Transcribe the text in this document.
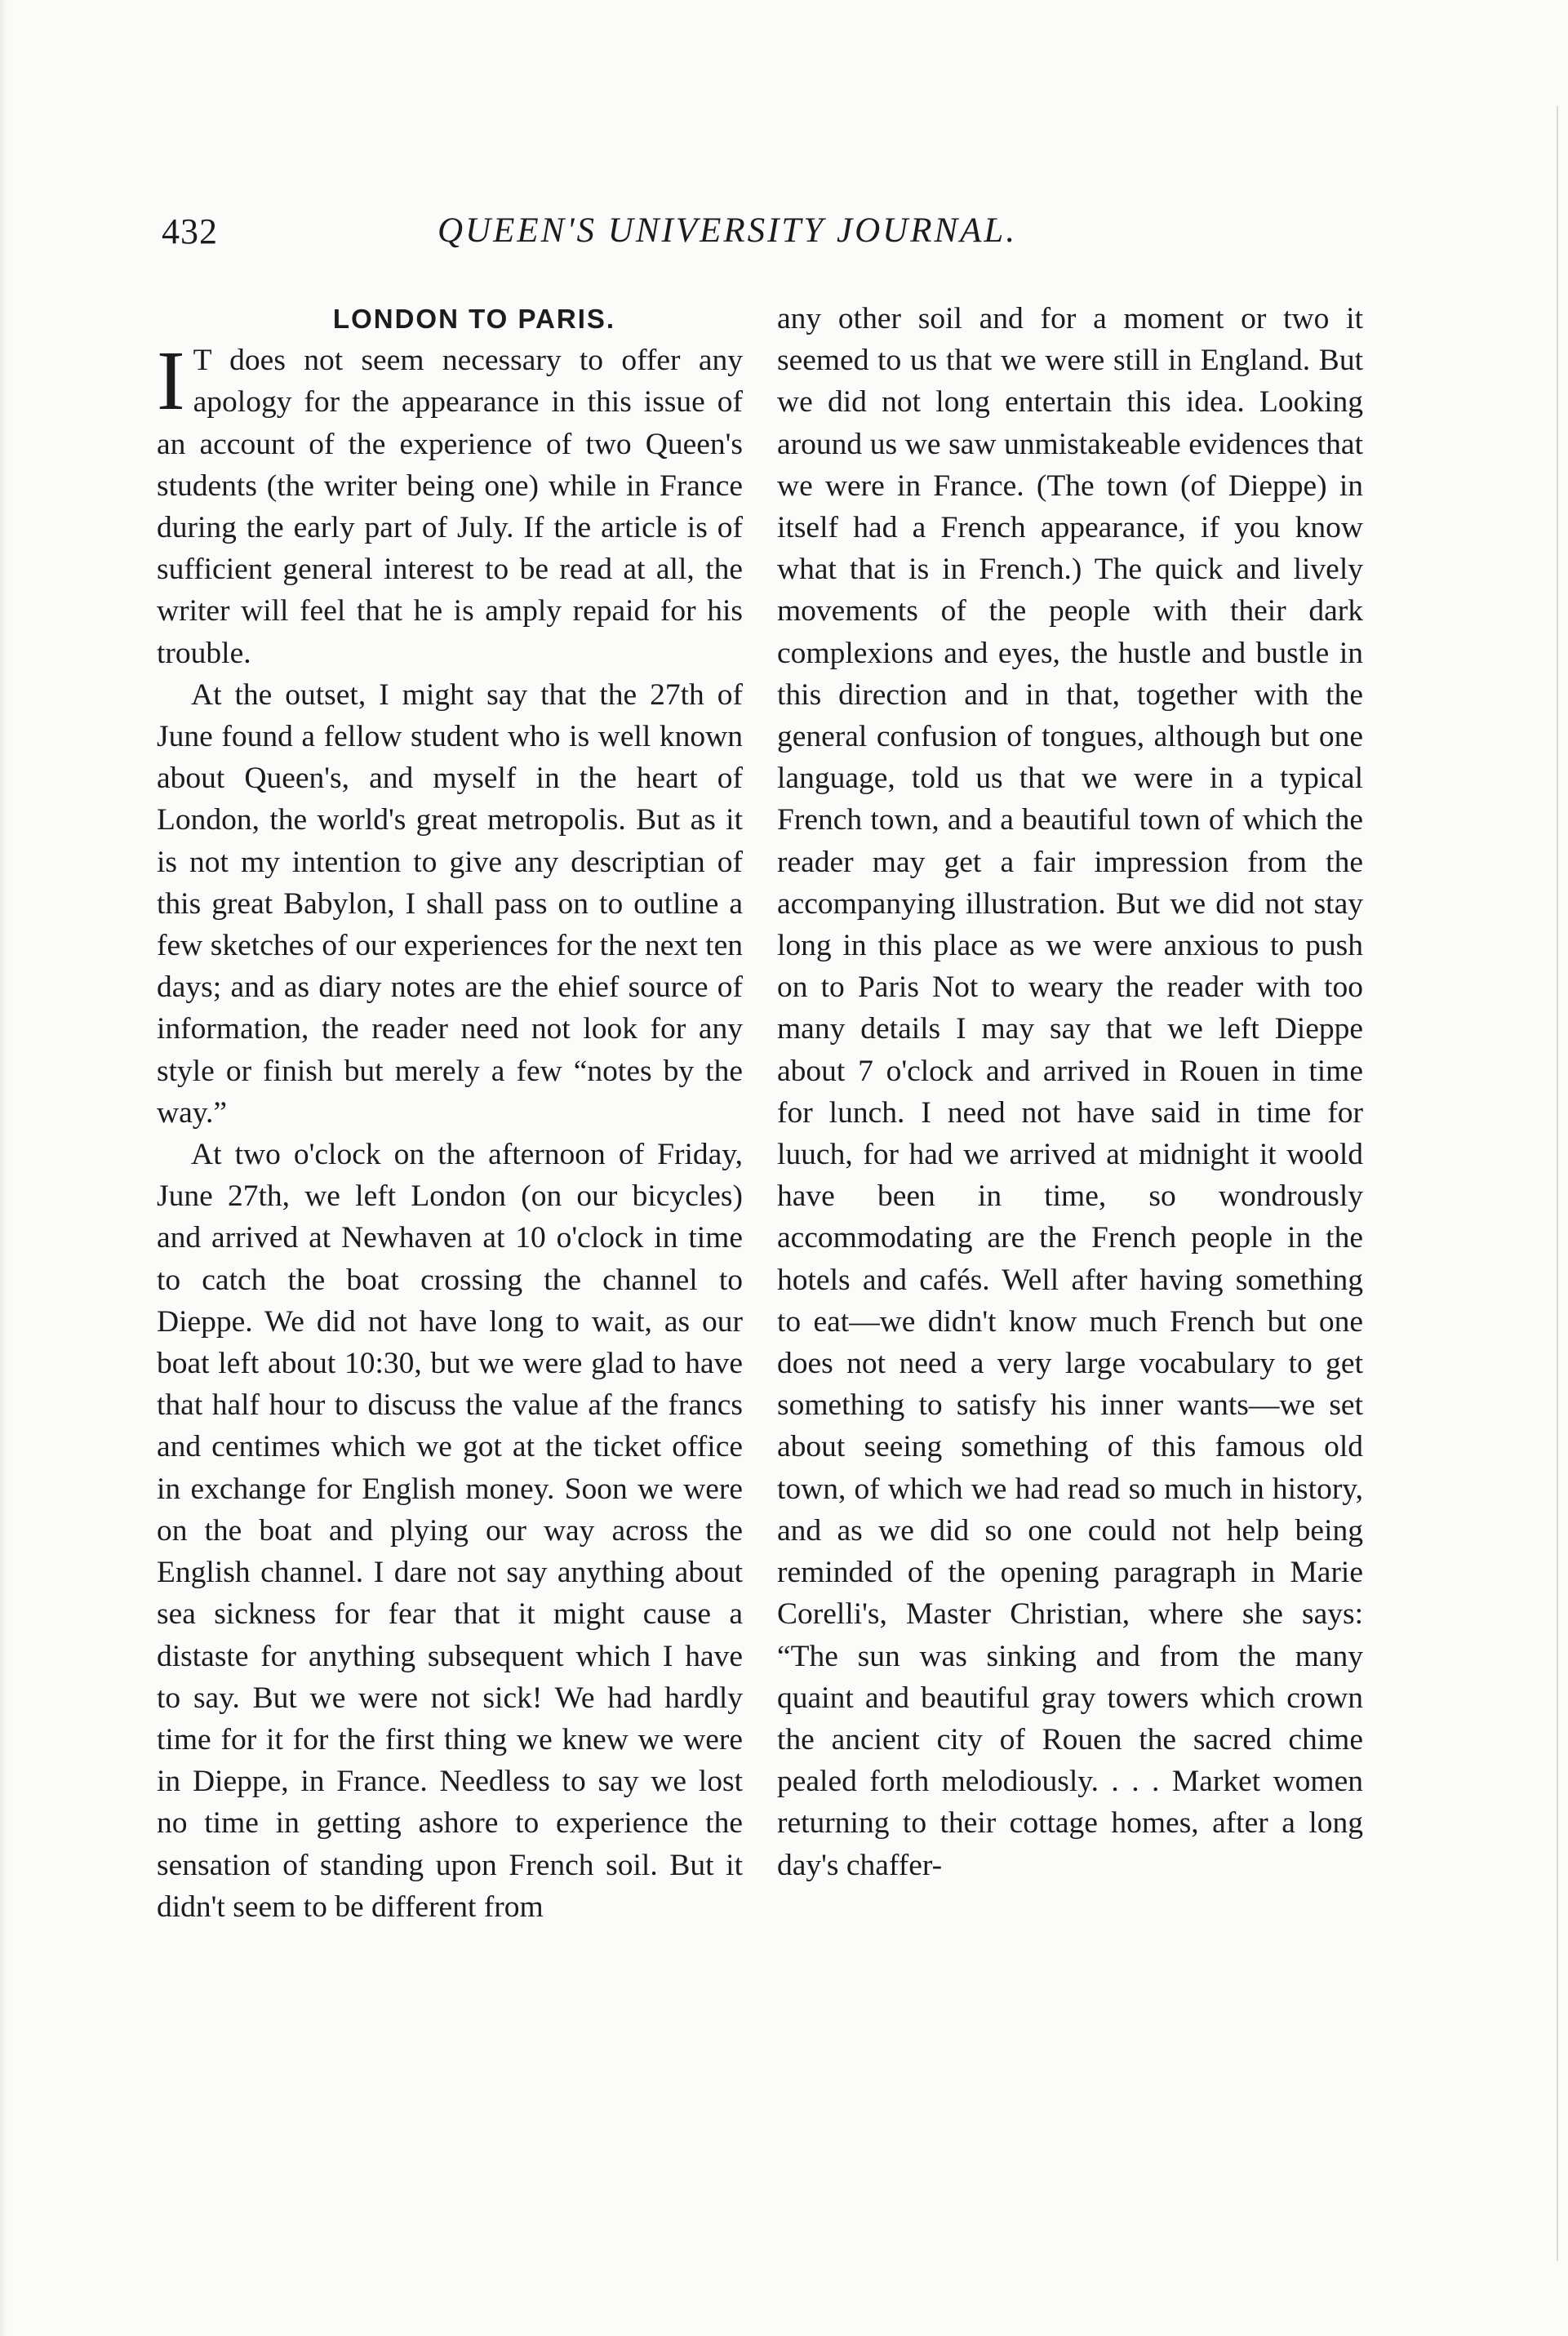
432	QUEEN'S UNIVERSITY JOURNAL.
LONDON TO PARIS.

I T does not seem necessary to offer any apology for the appearance in this issue of an account of the experience of two Queen's students (the writer being one) while in France during the early part of July. If the article is of sufficient general interest to be read at all, the writer will feel that he is amply repaid for his trouble.

At the outset, I might say that the 27th of June found a fellow student who is well known about Queen's, and myself in the heart of London, the world's great metropolis. But as it is not my intention to give any descriptian of this great Babylon, I shall pass on to outline a few sketches of our experiences for the next ten days; and as diary notes are the ehief source of information, the reader need not look for any style or finish but merely a few “notes by the way.”

At two o'clock on the afternoon of Friday, June 27th, we left London (on our bicycles) and arrived at Newhaven at 10 o'clock in time to catch the boat crossing the channel to Dieppe. We did not have long to wait, as our boat left about 10:30, but we were glad to have that half hour to discuss the value af the francs and centimes which we got at the ticket office in exchange for English money. Soon we were on the boat and plying our way across the English channel. I dare not say anything about sea sickness for fear that it might cause a distaste for anything subsequent which I have to say. But we were not sick! We had hardly time for it for the first thing we knew we were in Dieppe, in France. Needless to say we lost no time in getting ashore to experience the sensation of standing upon French soil. But it didn't seem to be different from

any other soil and for a moment or two it seemed to us that we were still in England. But we did not long entertain this idea. Looking around us we saw unmistakeable evidences that we were in France. (The town (of Dieppe) in itself had a French appearance, if you know what that is in French.) The quick and lively movements of the people with their dark complexions and eyes, the hustle and bustle in this direction and in that, together with the general confusion of tongues, although but one language, told us that we were in a typical French town, and a beautiful town of which the reader may get a fair impression from the accompanying illustration. But we did not stay long in this place as we were anxious to push on to Paris Not to weary the reader with too many details I may say that we left Dieppe about 7 o'clock and arrived in Rouen in time for lunch. I need not have said in time for luuch, for had we arrived at midnight it woold have been in time, so wondrously accommodating are the French people in the hotels and cafés. Well after having something to eat—we didn't know much French but one does not need a very large vocabulary to get something to satisfy his inner wants—we set about seeing something of this famous old town, of which we had read so much in history, and as we did so one could not help being reminded of the opening paragraph in Marie Corelli's, Master Christian, where she says: “The sun was sinking and from the many quaint and beautiful gray towers which crown the ancient city of Rouen the sacred chime pealed forth melodiously. . . . Market women returning to their cottage homes, after a long day's chaffer-
